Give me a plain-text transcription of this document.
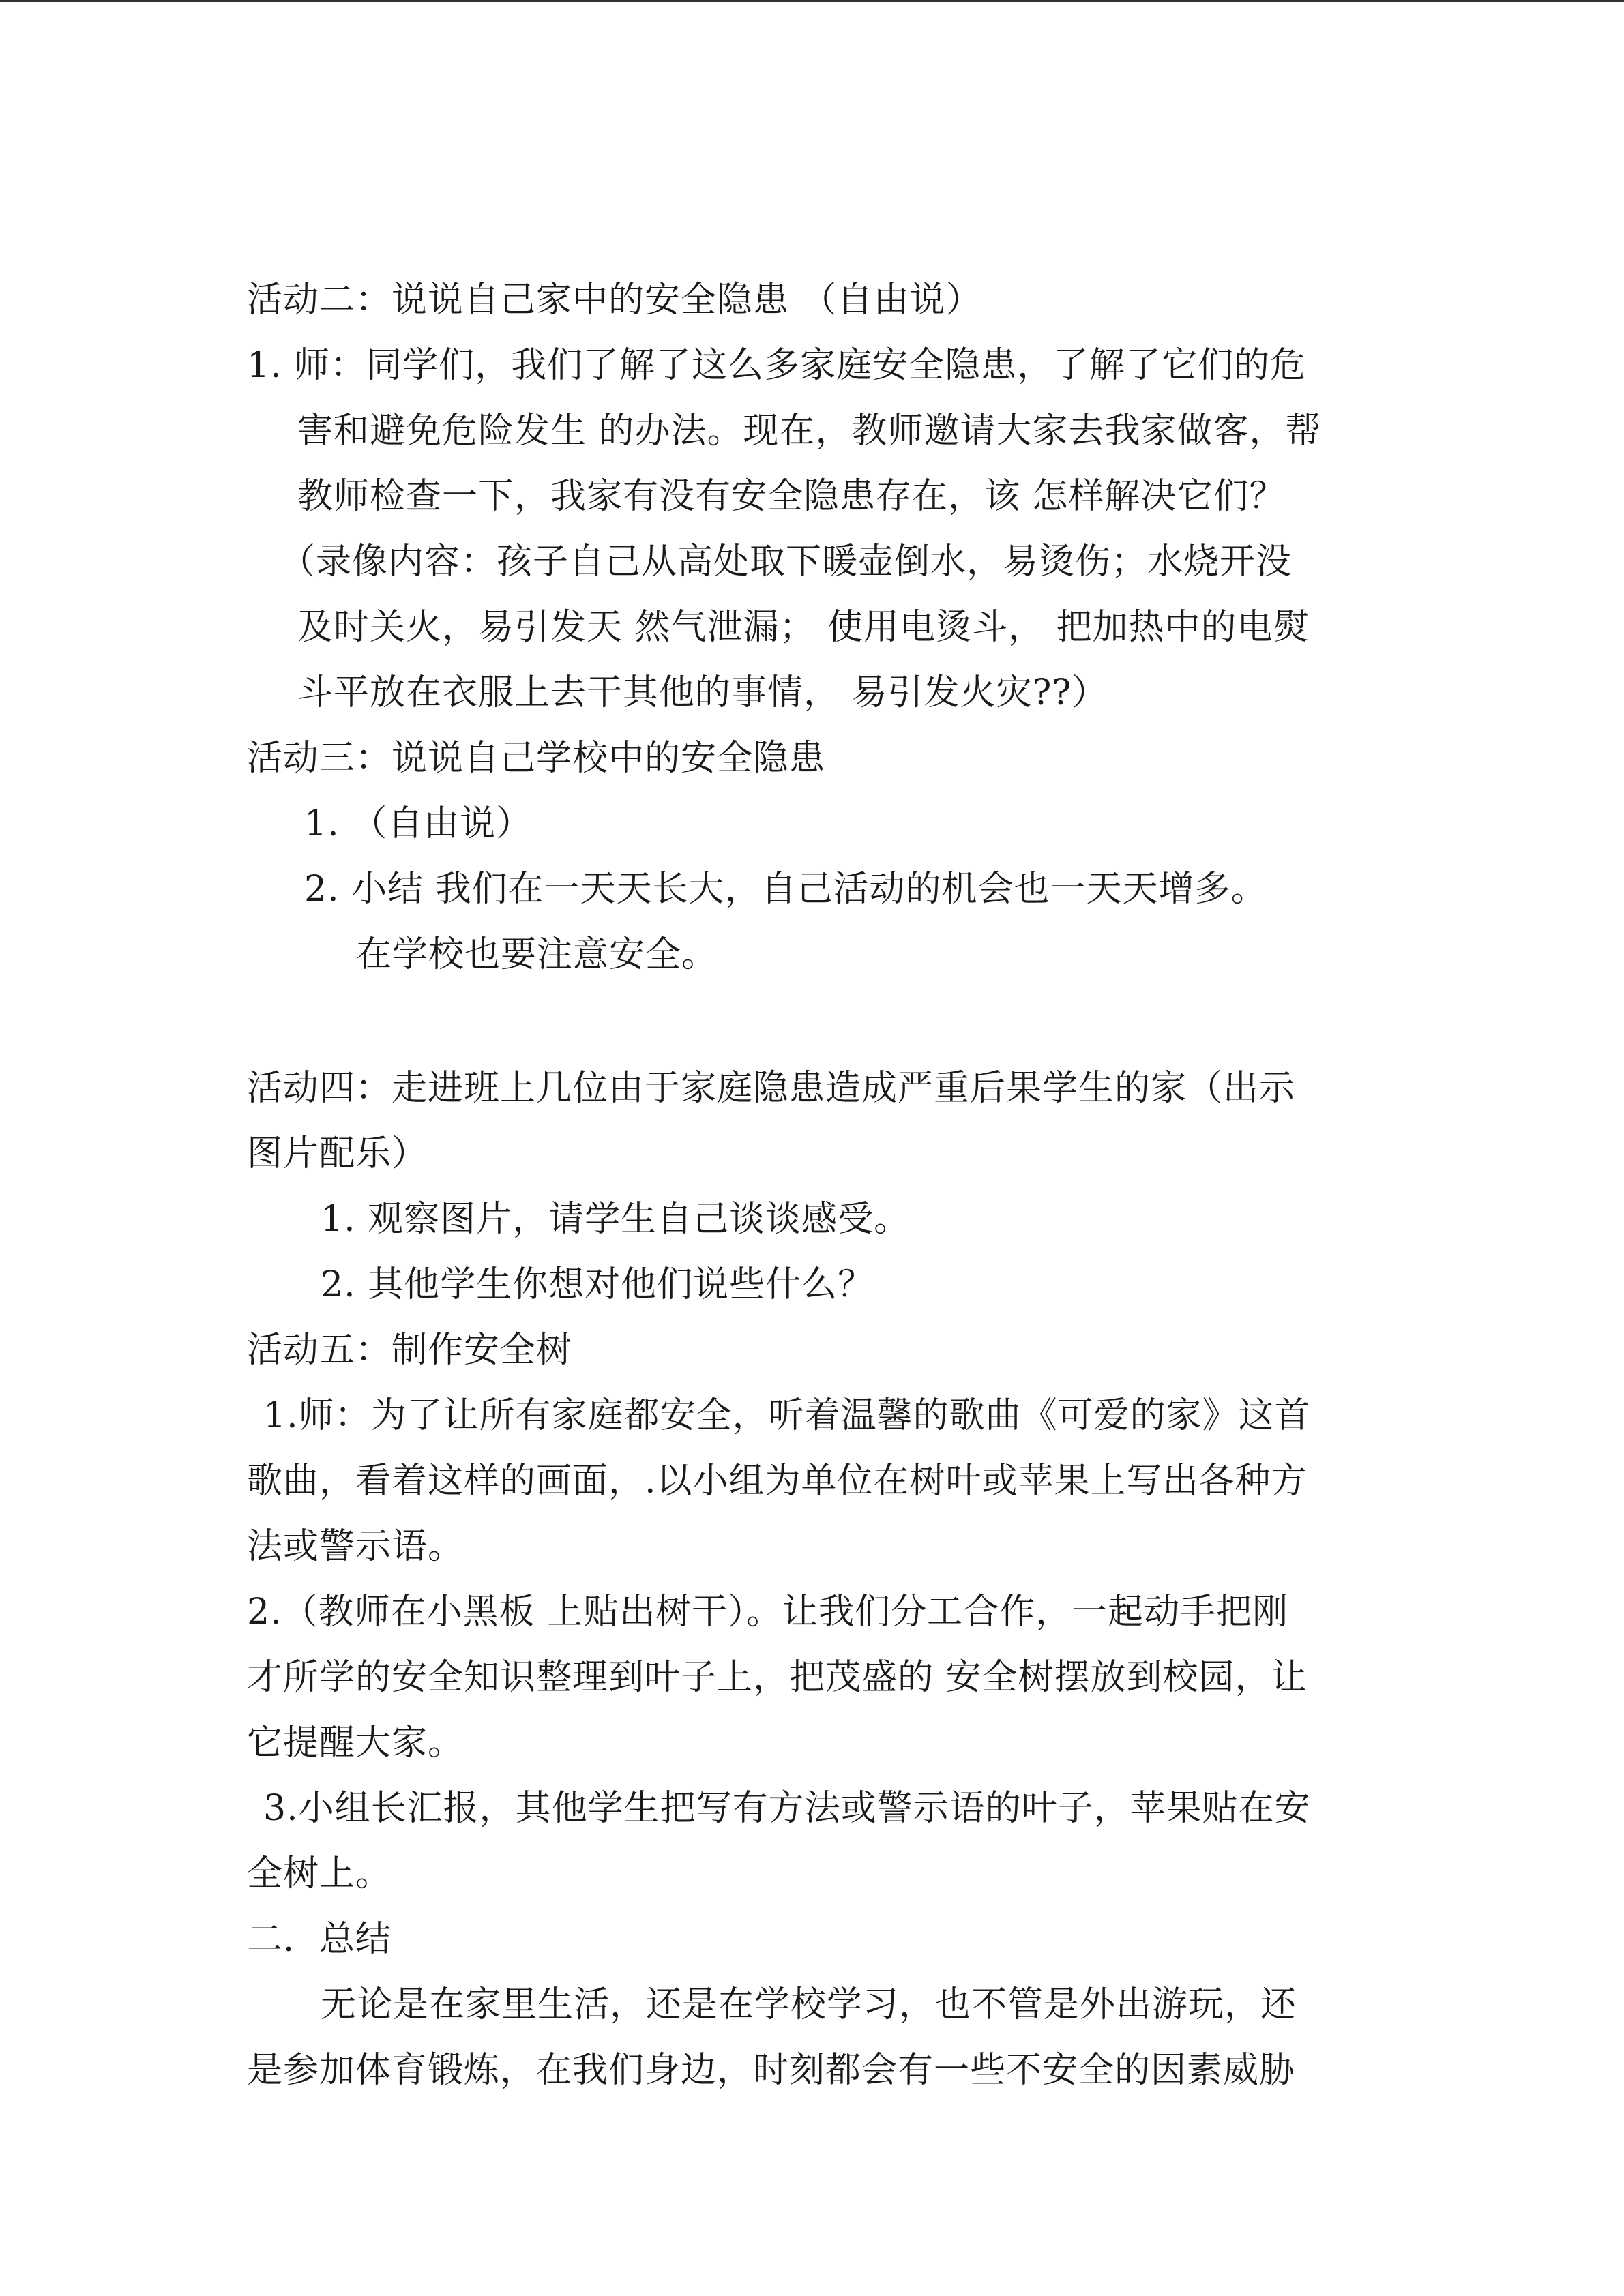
活动二：说说自己家中的安全隐患 （自由说）
1. 师：同学们，我们了解了这么多家庭安全隐患，了解了它们的危
害和避免危险发生 的办法。现在，教师邀请大家去我家做客，帮
教师检查一下，我家有没有安全隐患存在，该 怎样解决它们？
（录像内容：孩子自己从高处取下暖壶倒水，易烫伤；水烧开没
及时关火，易引发天 然气泄漏； 使用电烫斗， 把加热中的电熨
斗平放在衣服上去干其他的事情， 易引发火灾??）
活动三：说说自己学校中的安全隐患
1. （自由说）
2. 小结 我们在一天天长大，自己活动的机会也一天天增多。
在学校也要注意安全。
活动四：走进班上几位由于家庭隐患造成严重后果学生的家（出示
图片配乐）
1. 观察图片，请学生自己谈谈感受。
2. 其他学生你想对他们说些什么？
活动五：制作安全树
1.师：为了让所有家庭都安全，听着温馨的歌曲《可爱的家》这首
歌曲，看着这样的画面，.以小组为单位在树叶或苹果上写出各种方
法或警示语。
2.（教师在小黑板 上贴出树干）。让我们分工合作，一起动手把刚
才所学的安全知识整理到叶子上，把茂盛的 安全树摆放到校园，让
它提醒大家。
3.小组长汇报，其他学生把写有方法或警示语的叶子，苹果贴在安
全树上。
二．总结
无论是在家里生活，还是在学校学习，也不管是外出游玩，还
是参加体育锻炼，在我们身边，时刻都会有一些不安全的因素威胁
